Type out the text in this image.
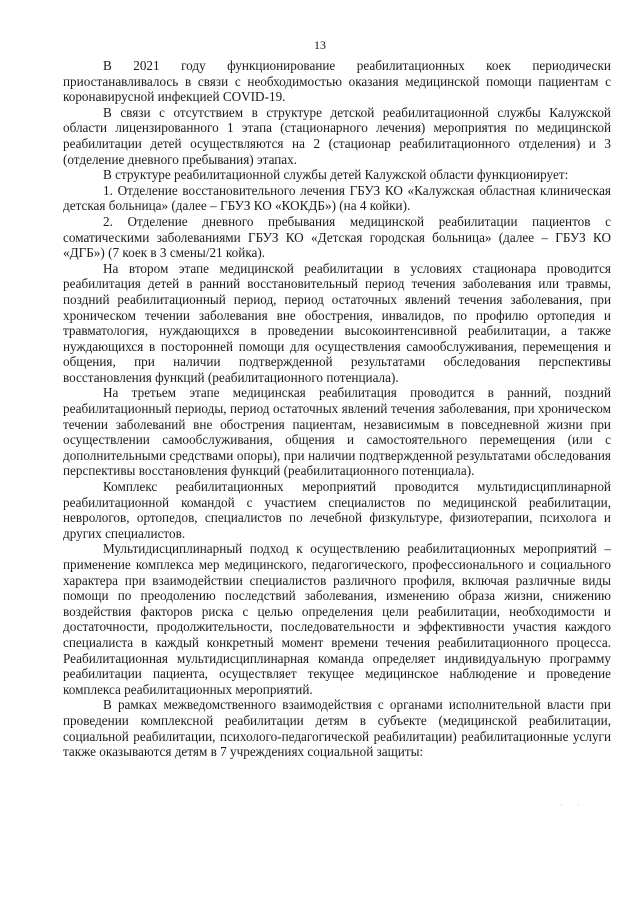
13

В 2021 году функционирование реабилитационных коек периодически приостанавливалось в связи с необходимостью оказания медицинской помощи пациентам с коронавирусной инфекцией COVID-19.

В связи с отсутствием в структуре детской реабилитационной службы Калужской области лицензированного 1 этапа (стационарного лечения) мероприятия по медицинской реабилитации детей осуществляются на 2 (стационар реабилитационного отделения) и 3 (отделение дневного пребывания) этапах.

В структуре реабилитационной службы детей Калужской области функционирует:

1. Отделение восстановительного лечения ГБУЗ КО «Калужская областная клиническая детская больница» (далее – ГБУЗ КО «КОКДБ») (на 4 койки).

2. Отделение дневного пребывания медицинской реабилитации пациентов с соматическими заболеваниями ГБУЗ КО «Детская городская больница» (далее – ГБУЗ КО «ДГБ») (7 коек в 3 смены/21 койка).

На втором этапе медицинской реабилитации в условиях стационара проводится реабилитация детей в ранний восстановительный период течения заболевания или травмы, поздний реабилитационный период, период остаточных явлений течения заболевания, при хроническом течении заболевания вне обострения, инвалидов, по профилю ортопедия и травматология, нуждающихся в проведении высокоинтенсивной реабилитации, а также нуждающихся в посторонней помощи для осуществления самообслуживания, перемещения и общения, при наличии подтвержденной результатами обследования перспективы восстановления функций (реабилитационного потенциала).

На третьем этапе медицинская реабилитация проводится в ранний, поздний реабилитационный периоды, период остаточных явлений течения заболевания, при хроническом течении заболеваний вне обострения пациентам, независимым в повседневной жизни при осуществлении самообслуживания, общения и самостоятельного перемещения (или с дополнительными средствами опоры), при наличии подтвержденной результатами обследования перспективы восстановления функций (реабилитационного потенциала).

Комплекс реабилитационных мероприятий проводится мультидисциплинарной реабилитационной командой с участием специалистов по медицинской реабилитации, неврологов, ортопедов, специалистов по лечебной физкультуре, физиотерапии, психолога и других специалистов.

Мультидисциплинарный подход к осуществлению реабилитационных мероприятий – применение комплекса мер медицинского, педагогического, профессионального и социального характера при взаимодействии специалистов различного профиля, включая различные виды помощи по преодолению последствий заболевания, изменению образа жизни, снижению воздействия факторов риска с целью определения цели реабилитации, необходимости и достаточности, продолжительности, последовательности и эффективности участия каждого специалиста в каждый конкретный момент времени течения реабилитационного процесса. Реабилитационная мультидисциплинарная команда определяет индивидуальную программу реабилитации пациента, осуществляет текущее медицинское наблюдение и проведение комплекса реабилитационных мероприятий.

В рамках межведомственного взаимодействия с органами исполнительной власти при проведении комплексной реабилитации детям в субъекте (медицинской реабилитации, социальной реабилитации, психолого-педагогической реабилитации) реабилитационные услуги также оказываются детям в 7 учреждениях социальной защиты:

· ·
